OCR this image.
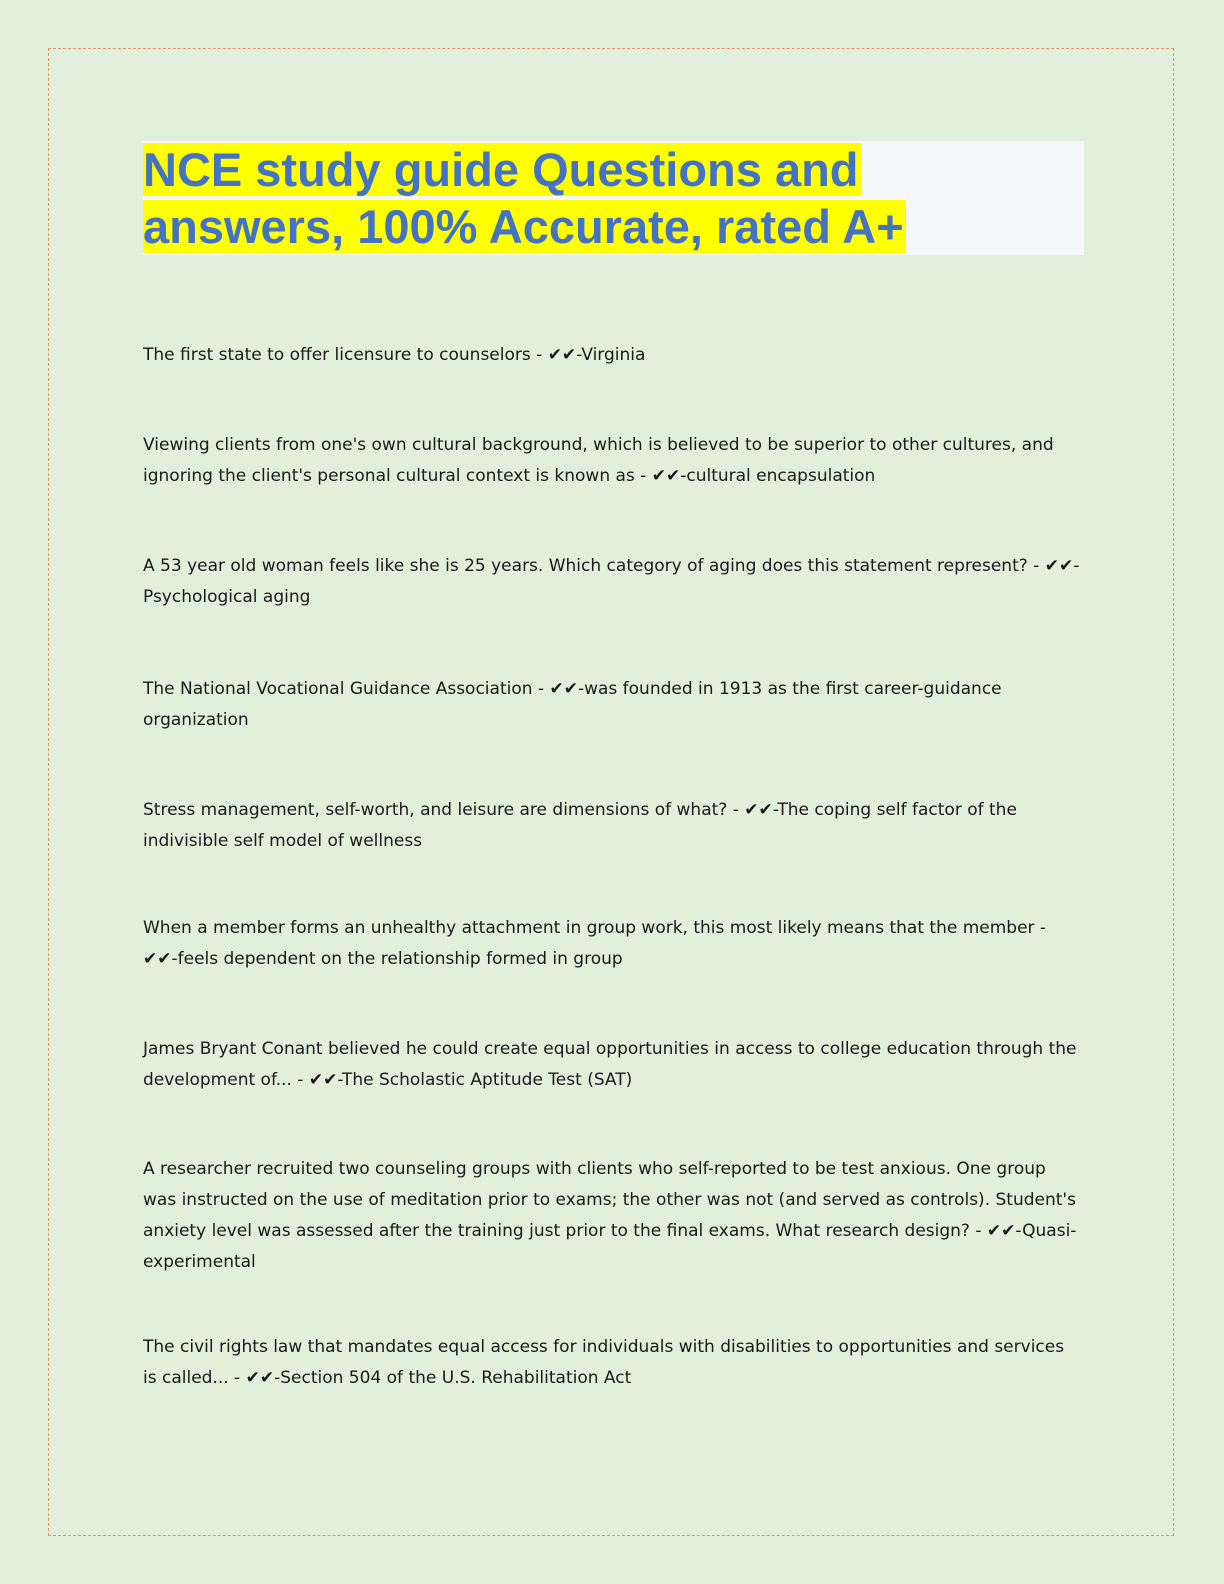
NCE study guide Questions and
answers, 100% Accurate, rated A+
The first state to offer licensure to counselors - ✔✔-Virginia
Viewing clients from one's own cultural background, which is believed to be superior to other cultures, and ignoring the client's personal cultural context is known as - ✔✔-cultural encapsulation
A 53 year old woman feels like she is 25 years. Which category of aging does this statement represent? - ✔✔-Psychological aging
The National Vocational Guidance Association - ✔✔-was founded in 1913 as the first career-guidance organization
Stress management, self-worth, and leisure are dimensions of what? - ✔✔-The coping self factor of the indivisible self model of wellness
When a member forms an unhealthy attachment in group work, this most likely means that the member - ✔✔-feels dependent on the relationship formed in group
James Bryant Conant believed he could create equal opportunities in access to college education through the development of... - ✔✔-The Scholastic Aptitude Test (SAT)
A researcher recruited two counseling groups with clients who self-reported to be test anxious. One group was instructed on the use of meditation prior to exams; the other was not (and served as controls). Student's anxiety level was assessed after the training just prior to the final exams. What research design? - ✔✔-Quasi-experimental
The civil rights law that mandates equal access for individuals with disabilities to opportunities and services is called... - ✔✔-Section 504 of the U.S. Rehabilitation Act
